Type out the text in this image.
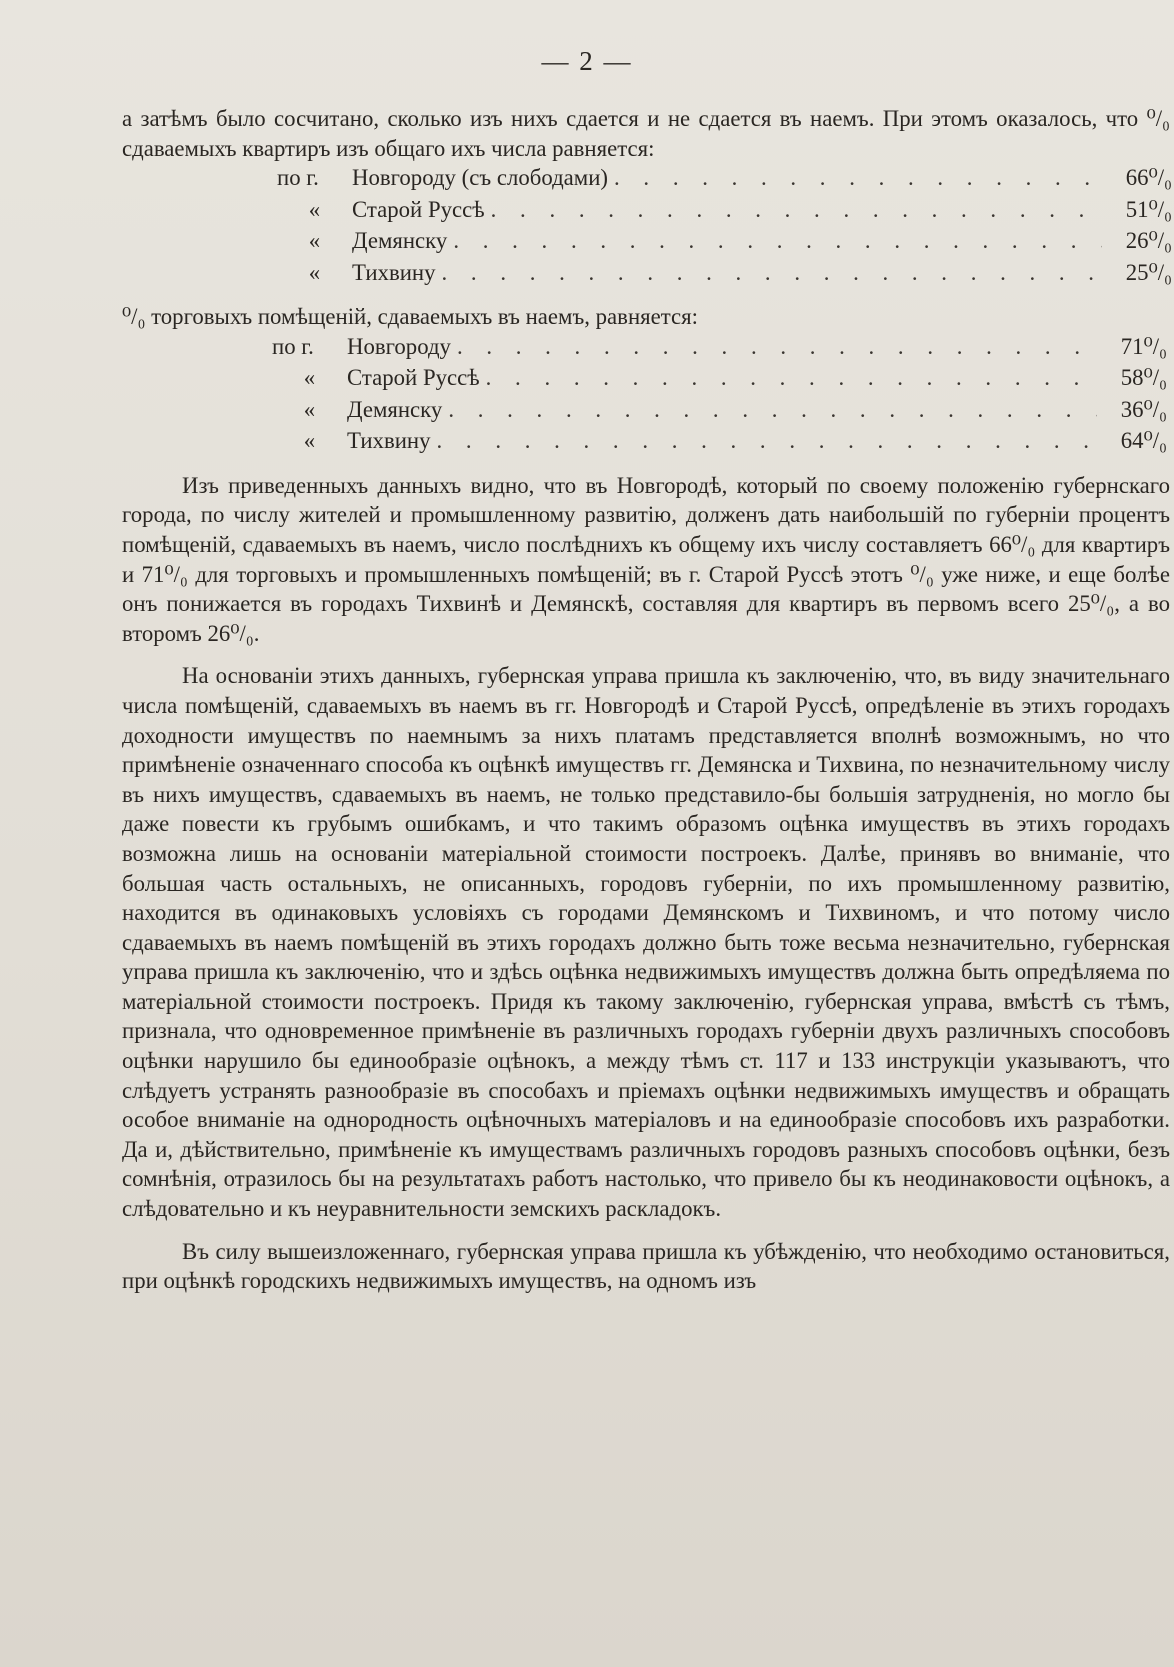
— 2 —

а затѣмъ было сосчитано, сколько изъ нихъ сдается и не сдается въ наемъ. При этомъ оказалось, что ⁰/₀ сдаваемыхъ квартиръ изъ общаго ихъ числа равняется:

по г.	Новгороду (съ слободами) . . .	66⁰/₀
«	Старой Руссѣ . . .	51⁰/₀
«	Демянску . . .	26⁰/₀
«	Тихвину . . .	25⁰/₀

⁰/₀ торговыхъ помѣщеній, сдаваемыхъ въ наемъ, равняется:

по г.	Новгороду . . .	71⁰/₀
«	Старой Руссѣ . . .	58⁰/₀
«	Демянску . . .	36⁰/₀
«	Тихвину . . .	64⁰/₀

Изъ приведенныхъ данныхъ видно, что въ Новгородѣ, который по своему положенію губернскаго города, по числу жителей и промышленному развитію, долженъ дать наибольшій по губерніи процентъ помѣщеній, сдаваемыхъ въ наемъ, число послѣднихъ къ общему ихъ числу составляетъ 66⁰/₀ для квартиръ и 71⁰/₀ для торговыхъ и промышленныхъ помѣщеній; въ г. Старой Руссѣ этотъ ⁰/₀ уже ниже, и еще болѣе онъ понижается въ городахъ Тихвинѣ и Демянскѣ, составляя для квартиръ въ первомъ всего 25⁰/₀, а во второмъ 26⁰/₀.

На основаніи этихъ данныхъ, губернская управа пришла къ заключенію, что, въ виду значительнаго числа помѣщеній, сдаваемыхъ въ наемъ въ гг. Новгородѣ и Старой Руссѣ, опредѣленіе въ этихъ городахъ доходности имуществъ по наемнымъ за нихъ платамъ представляется вполнѣ возможнымъ, но что примѣненіе означеннаго способа къ оцѣнкѣ имуществъ гг. Демянска и Тихвина, по незначительному числу въ нихъ имуществъ, сдаваемыхъ въ наемъ, не только представило-бы большія затрудненія, но могло бы даже повести къ грубымъ ошибкамъ, и что такимъ образомъ оцѣнка имуществъ въ этихъ городахъ возможна лишь на основаніи матеріальной стоимости построекъ. Далѣе, принявъ во вниманіе, что большая часть остальныхъ, не описанныхъ, городовъ губерніи, по ихъ промышленному развитію, находится въ одинаковыхъ условіяхъ съ городами Демянскомъ и Тихвиномъ, и что потому число сдаваемыхъ въ наемъ помѣщеній въ этихъ городахъ должно быть тоже весьма незначительно, губернская управа пришла къ заключенію, что и здѣсь оцѣнка недвижимыхъ имуществъ должна быть опредѣляема по матеріальной стоимости построекъ. Придя къ такому заключенію, губернская управа, вмѣстѣ съ тѣмъ, признала, что одновременное примѣненіе въ различныхъ городахъ губерніи двухъ различныхъ способовъ оцѣнки нарушило бы единообразіе оцѣнокъ, а между тѣмъ ст. 117 и 133 инструкціи указываютъ, что слѣдуетъ устранять разнообразіе въ способахъ и пріемахъ оцѣнки недвижимыхъ имуществъ и обращать особое вниманіе на однородность оцѣночныхъ матеріаловъ и на единообразіе способовъ ихъ разработки. Да и, дѣйствительно, примѣненіе къ имуществамъ различныхъ городовъ разныхъ способовъ оцѣнки, безъ сомнѣнія, отразилось бы на результатахъ работъ настолько, что привело бы къ неодинаковости оцѣнокъ, а слѣдовательно и къ неуравнительности земскихъ раскладокъ.

Въ силу вышеизложеннаго, губернская управа пришла къ убѣжденію, что необходимо остановиться, при оцѣнкѣ городскихъ недвижимыхъ имуществъ, на одномъ изъ
